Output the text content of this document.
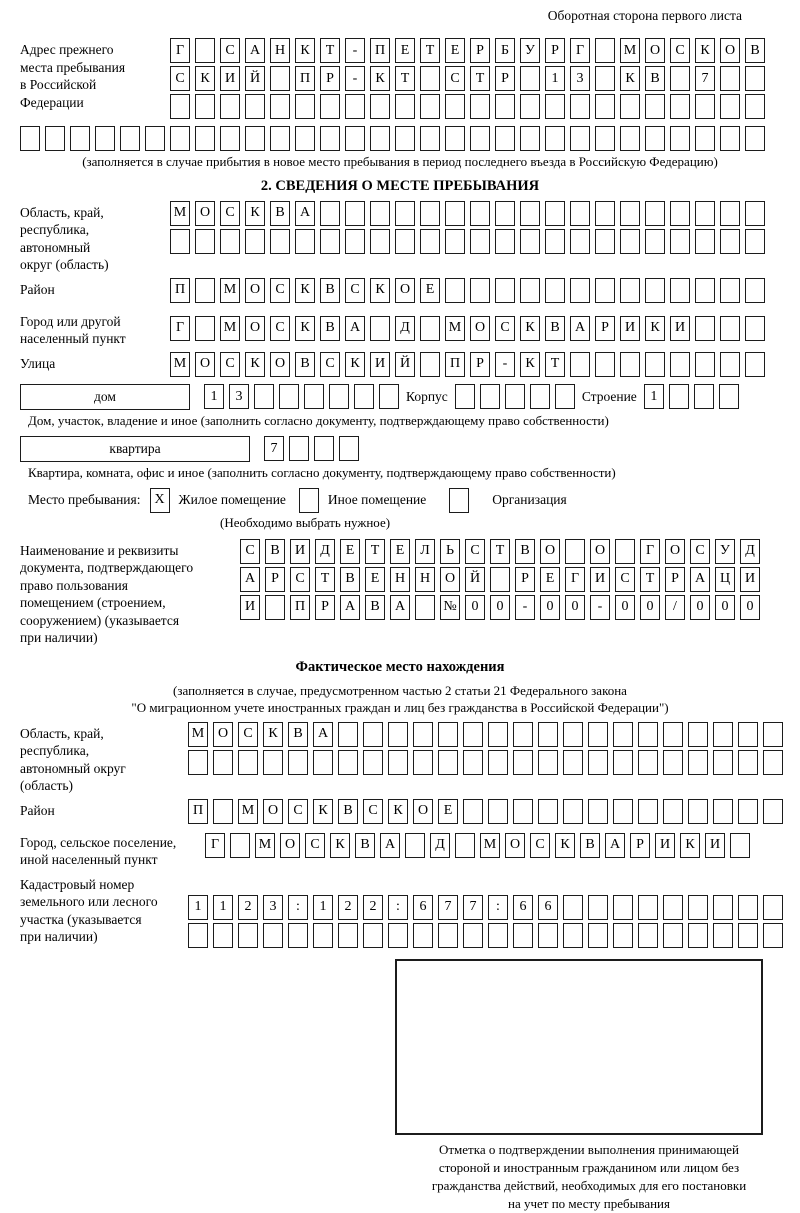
Оборотная сторона первого листа
Адрес прежнего
места пребывания
в Российской
Федерации
Г	С	А	Н	К	Т	-	П	Е	Т	Е	Р	Б	У	Р	Г	М О	С	К	О	В
С	К	И	Й	П	Р	-	К	Т	С	Т	Р	1	3	К	В	7
(заполняется в случае прибытия в новое место пребывания в период последнего въезда в Российскую Федерацию)
2. СВЕДЕНИЯ О МЕСТЕ ПРЕБЫВАНИЯ
Область, край,
республика,
автономный
округ (область)
М О	С	К	В	А
Район	П	М О	С	К	В	С	К	О	Е
Город или другой
населенный пункт
Г	М О	С	К	В	А	Д	М О	С	К	В	А	Р	И	К	И
Улица	М О	С	К	О	В	С	К	И	Й	П	Р	-	К	Т
дом	1	3	Корпус	Строение 1
Дом, участок, владение и иное (заполнить согласно документу, подтверждающему право собственности)
квартира	7
Квартира, комната, офис и иное (заполнить согласно документу, подтверждающему право собственности)
Место пребывания: X	Жилое помещение	Иное помещение	Организация
(Необходимо выбрать нужное)
Наименование и реквизиты
документа, подтверждающего
право пользования
помещением (строением,
сооружением) (указывается
при наличии)
С	В	И	Д	Е	Т	Е	Л	Ь	С	Т	В	О	О	Г	О	С	У	Д
А	Р	С	Т	В	Е	Н	Н	О	Й	Р	Е	Г	И	С	Т	Р	А	Ц	И
И	П	Р	А	В	А	№	0	0	-	0	0	-	0	0	/	0	0	0
Фактическое место нахождения
(заполняется в случае, предусмотренном частью 2 статьи 21 Федерального закона
"О миграционном учете иностранных граждан и лиц без гражданства в Российской Федерации")
Область, край,
республика,
автономный округ
(область)
М О	С	К	В	А
Район	П	М О	С	К	В	С	К	О	Е
Город, сельское поселение,
иной населенный пункт
Г	М О	С	К	В	А	Д	М О	С	К	В	А	Р	И	К	И
Кадастровый номер
земельного или лесного
участка (указывается
при наличии)
1	1	2	3	:	1	2	2	:	6	7	7	:	6	6
Отметка о подтверждении выполнения принимающей
стороной и иностранным гражданином или лицом без
гражданства действий, необходимых для его постановки
на учет по месту пребывания
